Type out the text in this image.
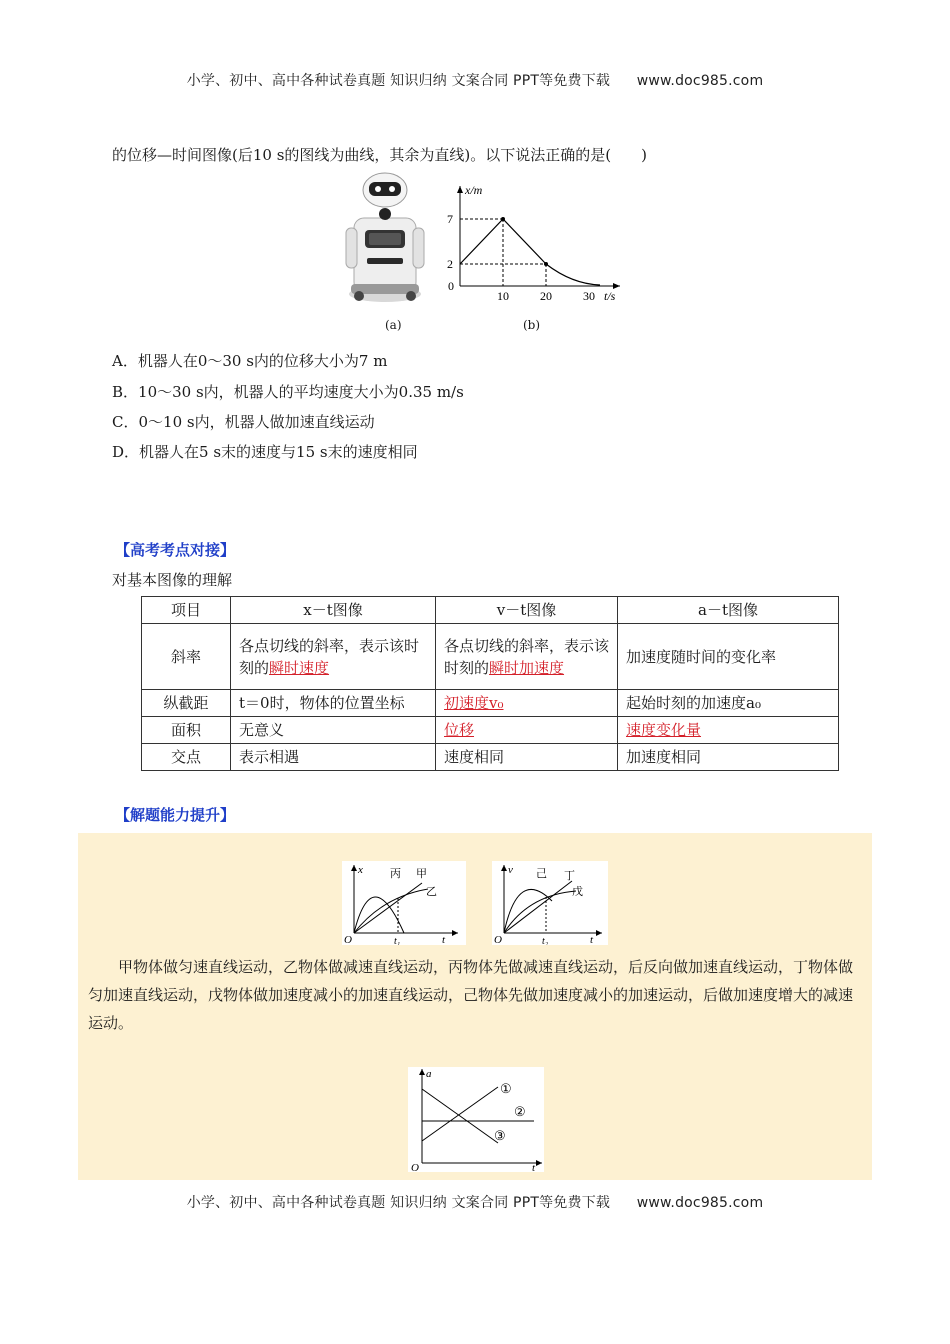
小学、初中、高中各种试卷真题 知识归纳 文案合同 PPT等免费下载 www.doc985.com
的位移—时间图像(后10 s的图线为曲线，其余为直线)。以下说法正确的是(　　)
(a)
x/m
t/s
0
7
2
10	20	30
(b)
A．机器人在0～30 s内的位移大小为7 m
B．10～30 s内，机器人的平均速度大小为0.35 m/s
C．0～10 s内，机器人做加速直线运动
D．机器人在5 s末的速度与15 s末的速度相同
【高考考点对接】
对基本图像的理解
项目	x－t图像	v－t图像	a－t图像
斜率	各点切线的斜率，表示该时刻的瞬时速度	各点切线的斜率，表示该时刻的瞬时加速度	加速度随时间的变化率
纵截距	t＝0时，物体的位置坐标	初速度v₀	起始时刻的加速度a₀
面积	无意义	位移	速度变化量
交点	表示相遇	速度相同	加速度相同
【解题能力提升】
x
t
O	t₁
丙 甲
乙
v
t
O	t₂
己 丁
戊
甲物体做匀速直线运动，乙物体做减速直线运动，丙物体先做减速直线运动，后反向做加速直线运动，丁物体做匀加速直线运动，戊物体做加速度减小的加速直线运动，己物体先做加速度减小的加速运动，后做加速度增大的减速运动。
a
t
O
①
②
③
小学、初中、高中各种试卷真题 知识归纳 文案合同 PPT等免费下载 www.doc985.com
